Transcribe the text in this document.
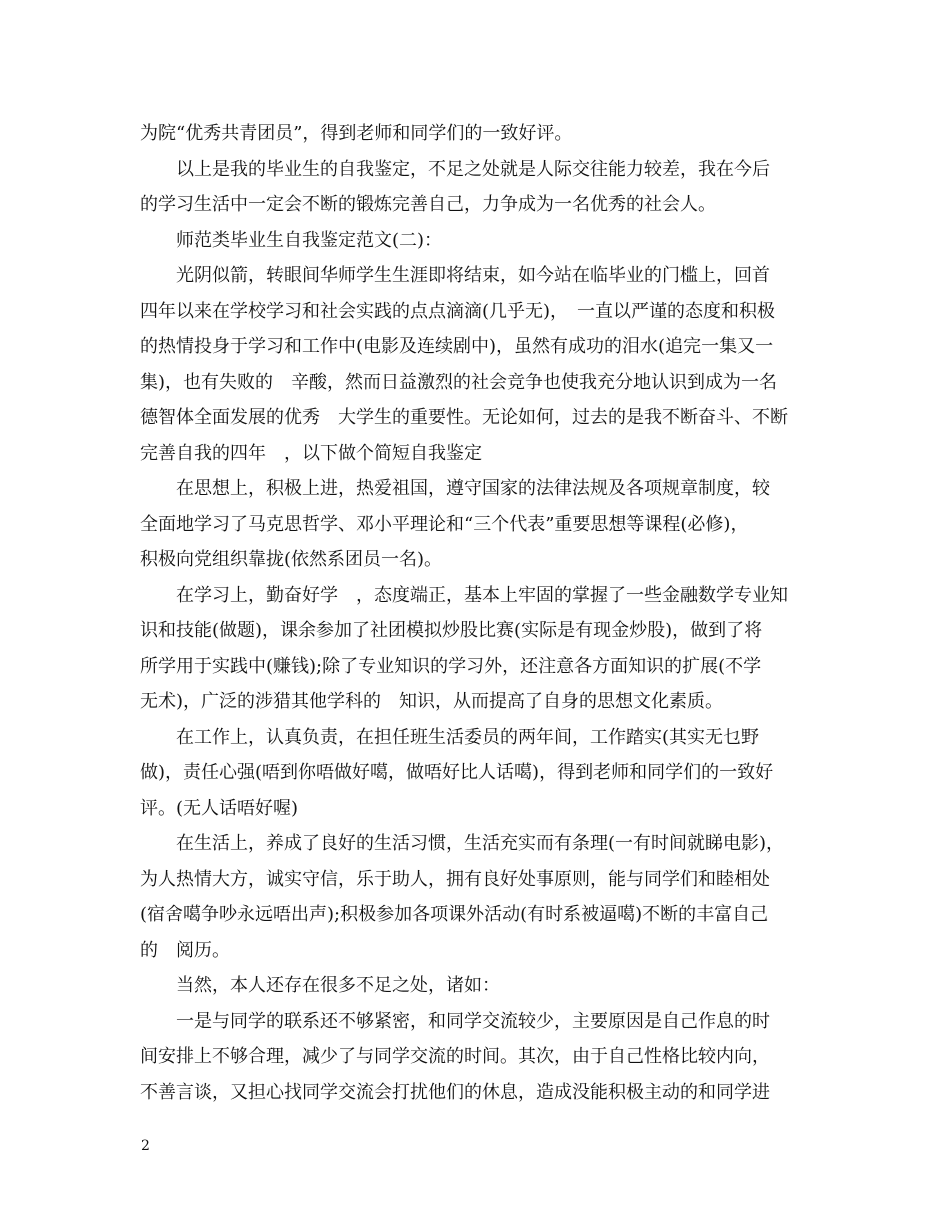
为院“优秀共青团员”，得到老师和同学们的一致好评。
　　以上是我的毕业生的自我鉴定，不足之处就是人际交往能力较差，我在今后
的学习生活中一定会不断的锻炼完善自己，力争成为一名优秀的社会人。
　　师范类毕业生自我鉴定范文(二)：
　　光阴似箭，转眼间华师学生生涯即将结束，如今站在临毕业的门槛上，回首
四年以来在学校学习和社会实践的点点滴滴(几乎无)，　一直以严谨的态度和积极
的热情投身于学习和工作中(电影及连续剧中)，虽然有成功的泪水(追完一集又一
集)，也有失败的　辛酸，然而日益激烈的社会竞争也使我充分地认识到成为一名
德智体全面发展的优秀　大学生的重要性。无论如何，过去的是我不断奋斗、不断
完善自我的四年　，以下做个简短自我鉴定
　　在思想上，积极上进，热爱祖国，遵守国家的法律法规及各项规章制度，较
全面地学习了马克思哲学、邓小平理论和“三个代表”重要思想等课程(必修)，
积极向党组织靠拢(依然系团员一名)。
　　在学习上，勤奋好学　，态度端正，基本上牢固的掌握了一些金融数学专业知
识和技能(做题)，课余参加了社团模拟炒股比赛(实际是有现金炒股)，做到了将
所学用于实践中(赚钱);除了专业知识的学习外，还注意各方面知识的扩展(不学
无术)，广泛的涉猎其他学科的　知识，从而提高了自身的思想文化素质。
　　在工作上，认真负责，在担任班生活委员的两年间，工作踏实(其实无乜野
做)，责任心强(唔到你唔做好噶，做唔好比人话噶)，得到老师和同学们的一致好
评。(无人话唔好喔)
　　在生活上，养成了良好的生活习惯，生活充实而有条理(一有时间就睇电影)，
为人热情大方，诚实守信，乐于助人，拥有良好处事原则，能与同学们和睦相处
(宿舍噶争吵永远唔出声);积极参加各项课外活动(有时系被逼噶)不断的丰富自己
的　阅历。
　　当然，本人还存在很多不足之处，诸如：
　　一是与同学的联系还不够紧密，和同学交流较少，主要原因是自己作息的时
间安排上不够合理，减少了与同学交流的时间。其次，由于自己性格比较内向，
不善言谈，又担心找同学交流会打扰他们的休息，造成没能积极主动的和同学进
2
